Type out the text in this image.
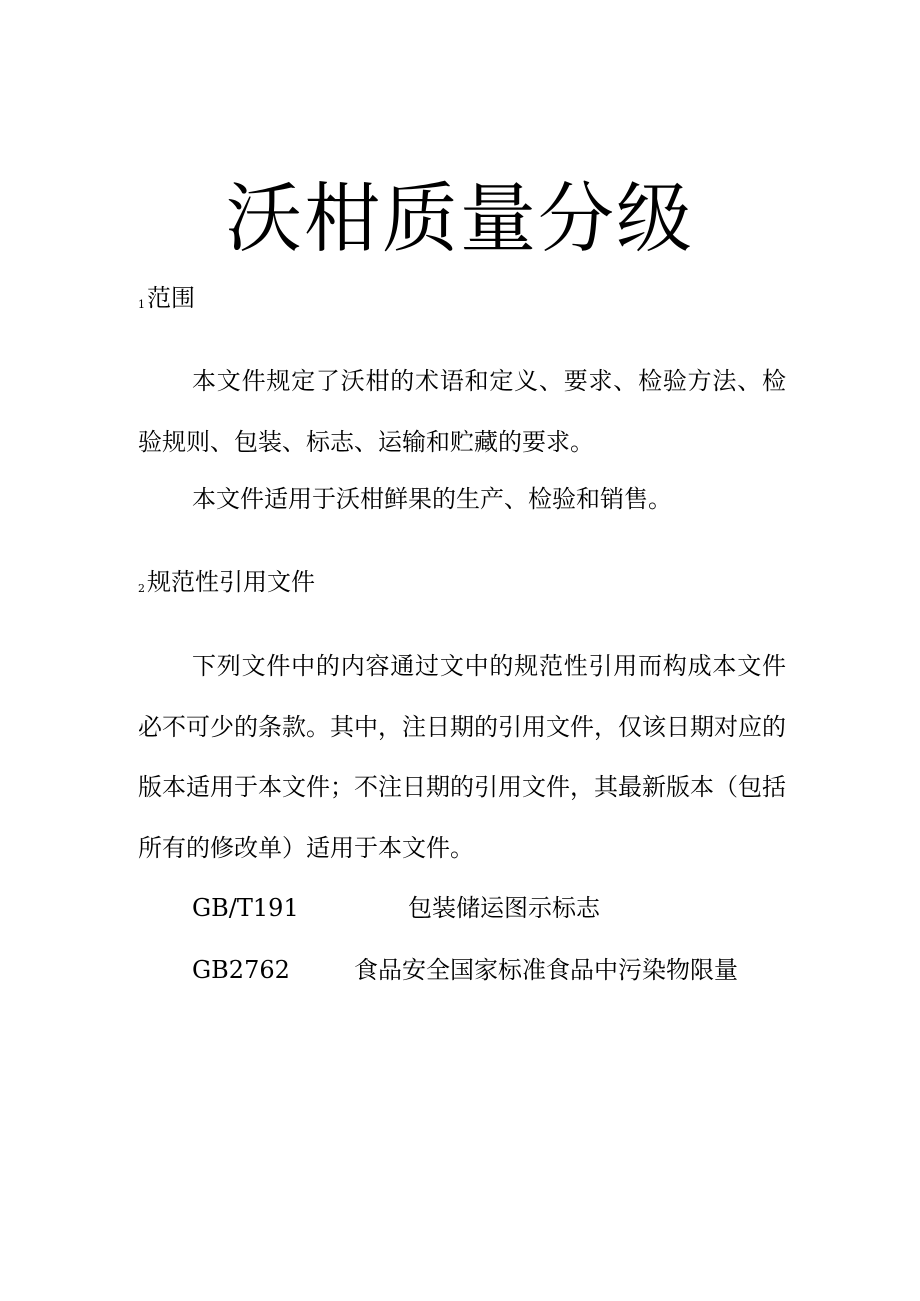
沃柑质量分级
1范围

本文件规定了沃柑的术语和定义、要求、检验方法、检验规则、包装、标志、运输和贮藏的要求。

本文件适用于沃柑鲜果的生产、检验和销售。

2规范性引用文件

下列文件中的内容通过文中的规范性引用而构成本文件必不可少的条款。其中，注日期的引用文件，仅该日期对应的版本适用于本文件；不注日期的引用文件，其最新版本（包括所有的修改单）适用于本文件。

GB/T191	包装储运图示标志
GB2762	食品安全国家标准食品中污染物限量
